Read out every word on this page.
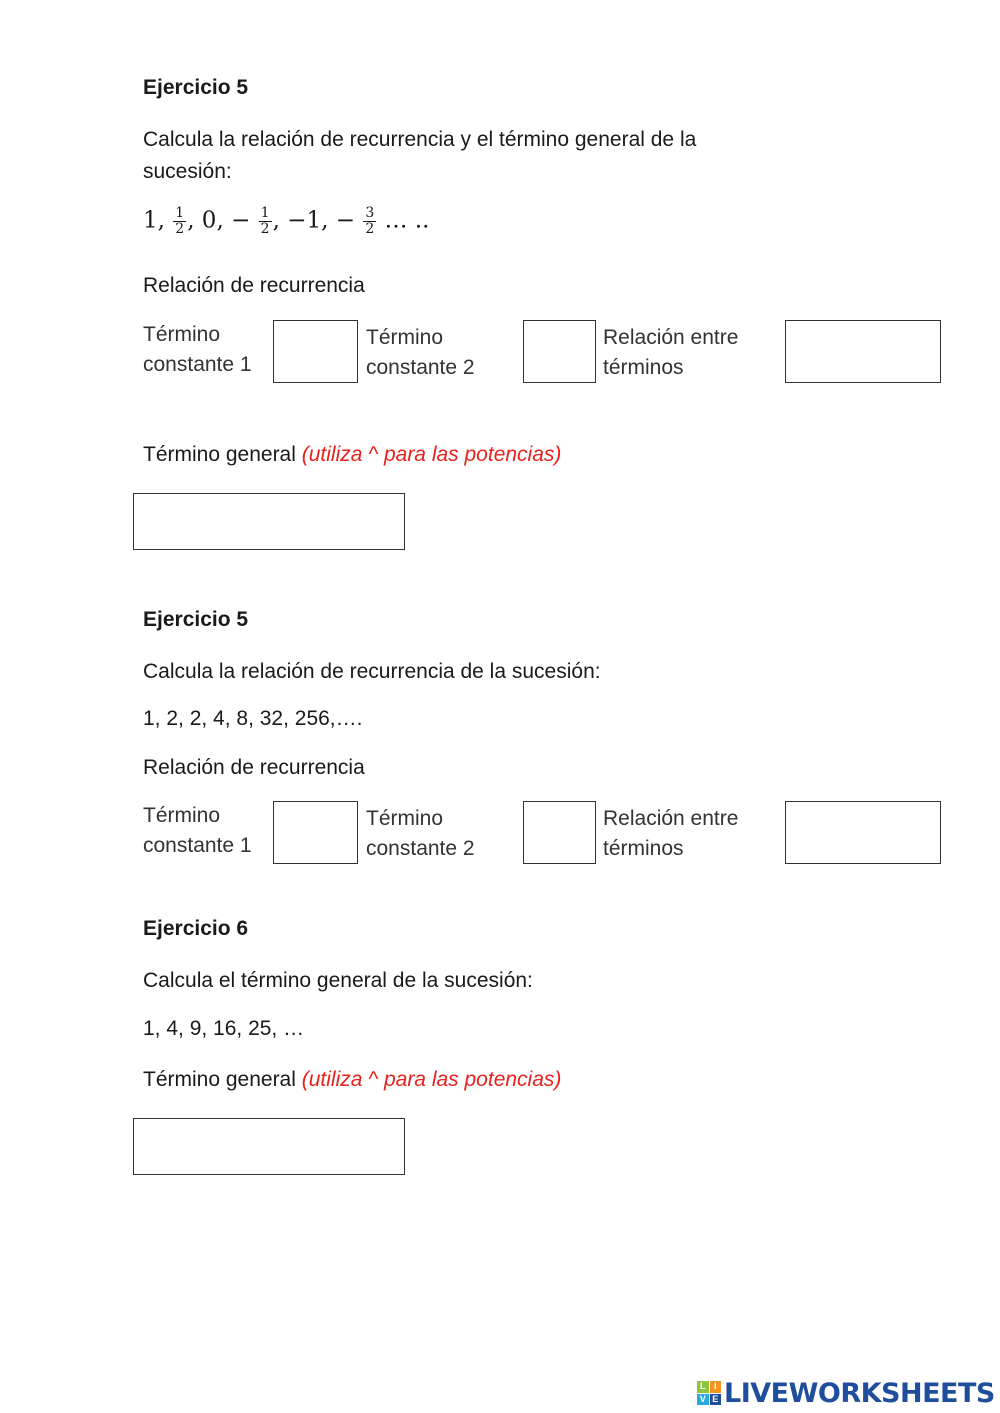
Ejercicio 5
Calcula la relación de recurrencia y el término general de la
sucesión:
1, $\frac{1}{2}$ , 0, − $\frac{1}{2}$ , −1, − $\frac{3}{2}$ … ..
Relación de recurrencia
Término constante 1
Término constante 2
Relación entre términos
Término general (utiliza ^ para las potencias)
Ejercicio 5
Calcula la relación de recurrencia de la sucesión:
1, 2, 2, 4, 8, 32, 256,….
Relación de recurrencia
Término constante 1
Término constante 2
Relación entre términos
Ejercicio 6
Calcula el término general de la sucesión:
1, 4, 9, 16, 25, …
Término general (utiliza ^ para las potencias)
L I
V E LIVEWORKSHEETS
